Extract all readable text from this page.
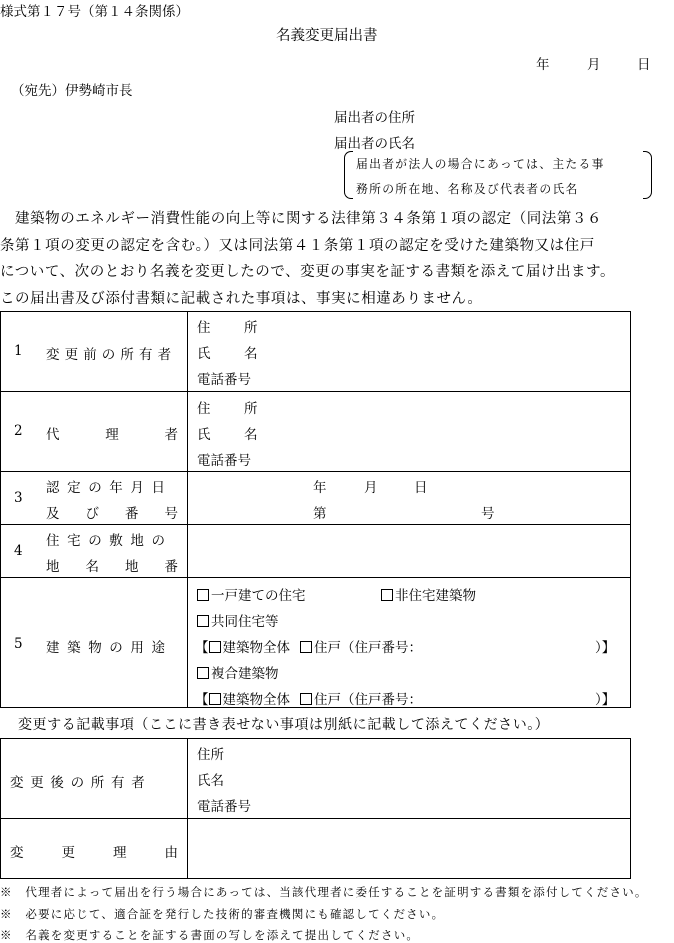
様式第１７号（第１４条関係）
名義変更届出書
年	月	日
（宛先）伊勢崎市長
届出者の住所
届出者の氏名
届出者が法人の場合にあっては、主たる事
務所の所在地、名称及び代表者の氏名
　建築物のエネルギー消費性能の向上等に関する法律第３４条第１項の認定（同法第３６
条第１項の変更の認定を含む。）又は同法第４１条第１項の認定を受けた建築物又は住戸
について、次のとおり名義を変更したので、変更の事実を証する書類を添えて届け出ます。
この届出書及び添付書類に記載された事項は、事実に相違ありません。
1 変更前の所有者
住　所
氏　名
電話番号
2 代	理	者
住　所
氏　名
電話番号
3
認定の年月日
及 び 番 号
年	月	日
第	号
4
住宅の敷地の
地 名 地 番
5 建築物の用途
一戸建ての住宅	非住宅建築物
共同住宅等
【 建築物全体 住戸（住戸番号：	）】
複合建築物
【 建築物全体 住戸（住戸番号：	）】
変更する記載事項（ここに書き表せない事項は別紙に記載して添えてください。）
変更後の所有者
住所
氏名
電話番号
変	更	理	由
※　代理者によって届出を行う場合にあっては、当該代理者に委任することを証明する書類を添付してください。
※　必要に応じて、適合証を発行した技術的審査機関にも確認してください。
※　名義を変更することを証する書面の写しを添えて提出してください。
